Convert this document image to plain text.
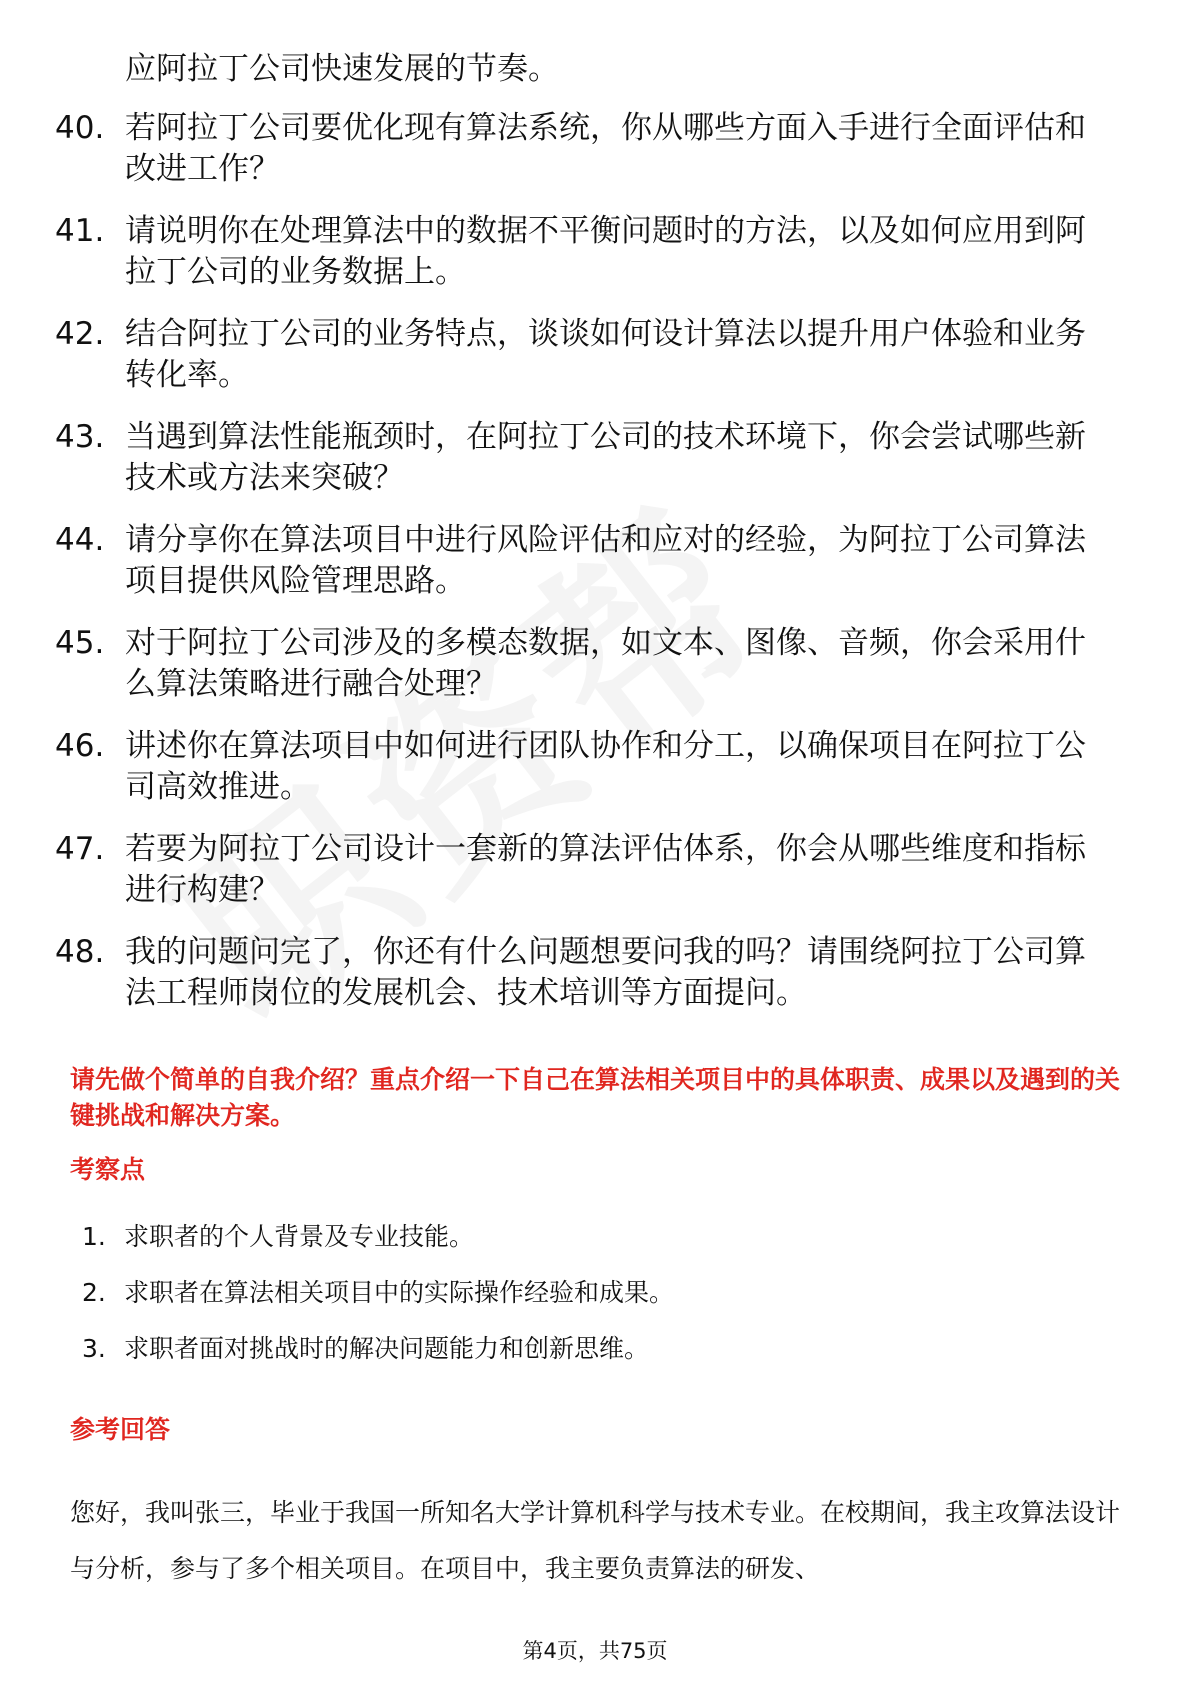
应阿拉丁公司快速发展的节奏。
40. 若阿拉丁公司要优化现有算法系统，你从哪些方面入手进行全面评估和改进工作？
41. 请说明你在处理算法中的数据不平衡问题时的方法，以及如何应用到阿拉丁公司的业务数据上。
42. 结合阿拉丁公司的业务特点，谈谈如何设计算法以提升用户体验和业务转化率。
43. 当遇到算法性能瓶颈时，在阿拉丁公司的技术环境下，你会尝试哪些新技术或方法来突破？
44. 请分享你在算法项目中进行风险评估和应对的经验，为阿拉丁公司算法项目提供风险管理思路。
45. 对于阿拉丁公司涉及的多模态数据，如文本、图像、音频，你会采用什么算法策略进行融合处理？
46. 讲述你在算法项目中如何进行团队协作和分工，以确保项目在阿拉丁公司高效推进。
47. 若要为阿拉丁公司设计一套新的算法评估体系，你会从哪些维度和指标进行构建？
48. 我的问题问完了，你还有什么问题想要问我的吗？请围绕阿拉丁公司算法工程师岗位的发展机会、技术培训等方面提问。
请先做个简单的自我介绍？重点介绍一下自己在算法相关项目中的具体职责、成果以及遇到的关键挑战和解决方案。
考察点
1. 求职者的个人背景及专业技能。
2. 求职者在算法相关项目中的实际操作经验和成果。
3. 求职者面对挑战时的解决问题能力和创新思维。
参考回答
您好，我叫张三，毕业于我国一所知名大学计算机科学与技术专业。在校期间，我主攻算法设计与分析，参与了多个相关项目。在项目中，我主要负责算法的研发、
第4页，共75页
